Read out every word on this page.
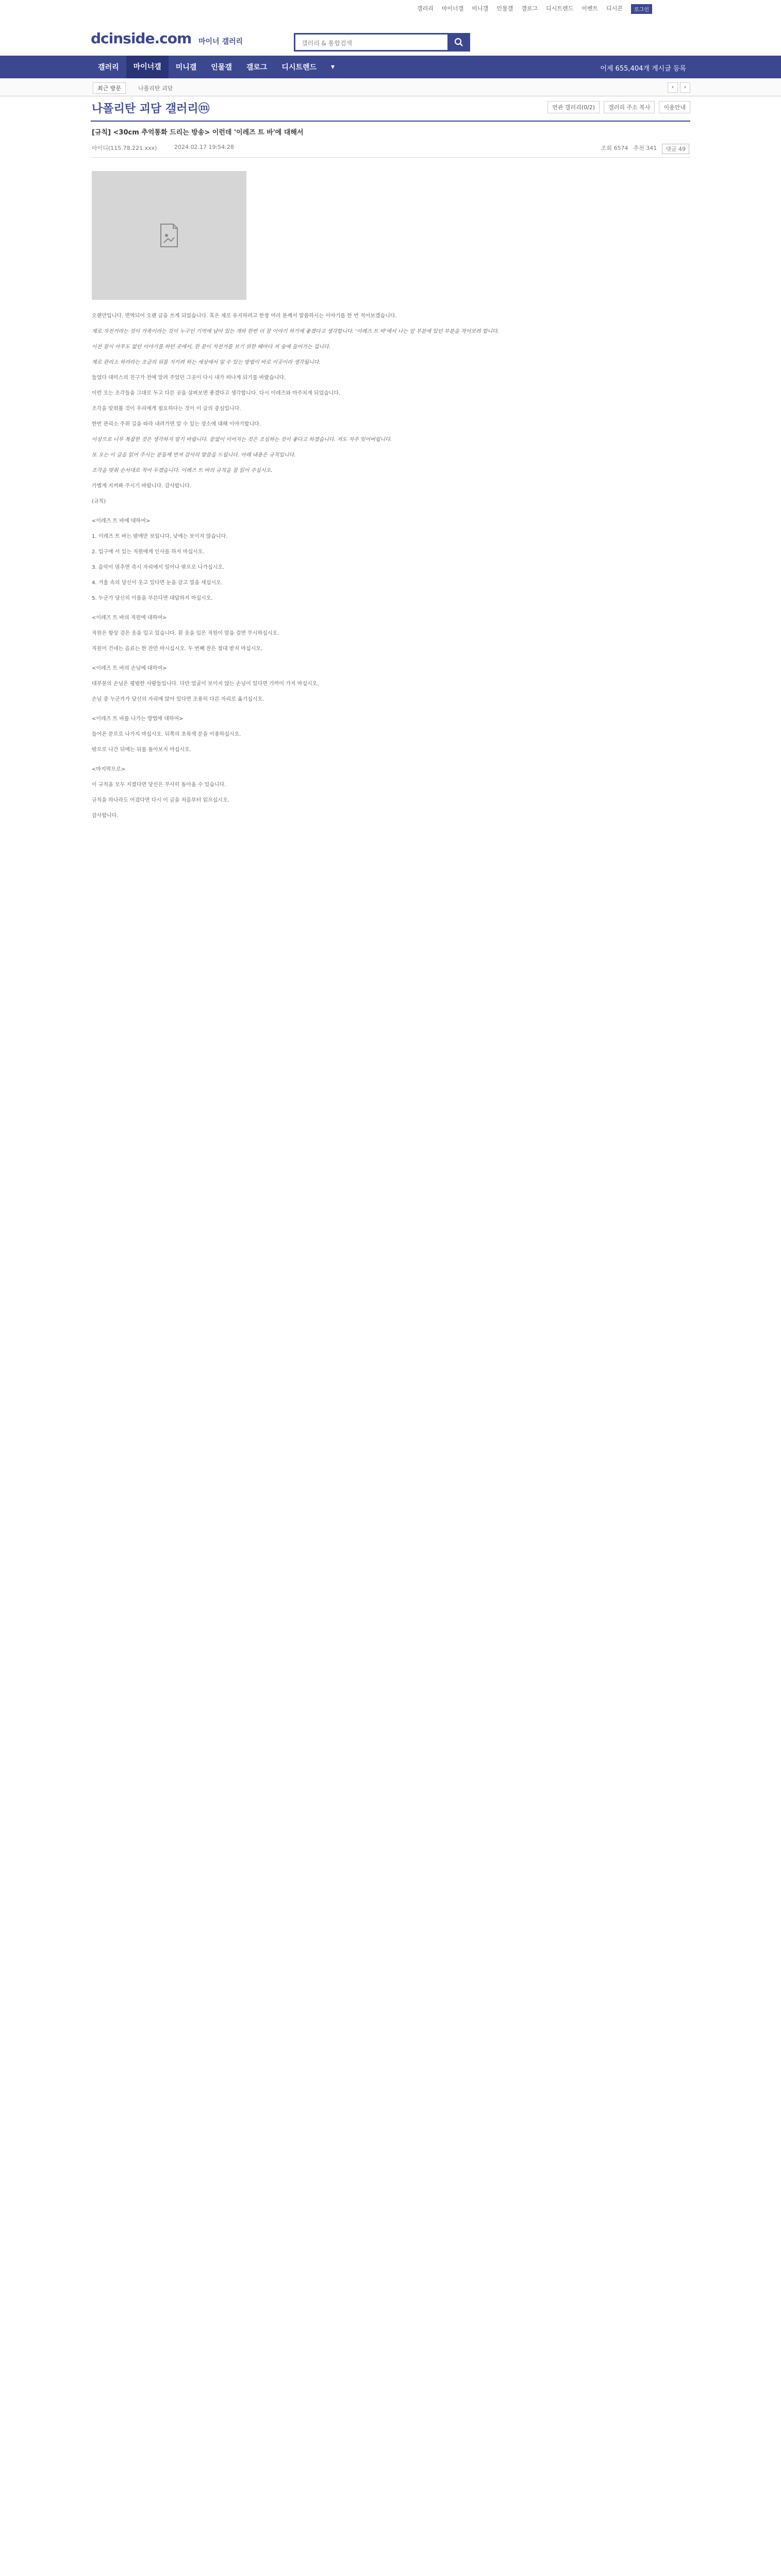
갤러리 마이너갤 미니갤 인물갤 갤로그 디시트렌드 이벤트 디시콘	로그인
dcinside.com 마이너 갤러리	갤러리 & 통합검색
갤러리	마이너갤	미니갤	인물갤	갤로그	디시트렌드	▾	어제 655,404개 게시글 등록
최근 방문	나폴리탄 괴담	‹	›
나폴리탄 괴담 갤러리ⓜ	연관 갤러리(0/2)	갤러리 주소 복사	이용안내
[규칙] <30cm 추억통화 드리는 방송> 이런데 '이레즈 트 바'에 대해서
아이디(115.78.221.xxx)	2024.02.17 19:54:28	조회 6574 추천 341	댓글 49

오랜만입니다. 면역되어 오랜 글을 쓰게 되었습니다. 혹은 제로 유지하려고 한창 여러 분께서 말씀하시는 이야기를 한 번 적어보겠습니다.

제로 자전거라는 것이 가족이라는 것이 누구인 기억에 남아 있는 개와 한번 더 잘 이야기 하기에 좋겠다고 생각합니다. '이레즈 트 바'에서 나는 앞 부분에 있던 부분을 적어보려 합니다.

이전 잠시 아무도 없던 이야기를 하던 곳에서, 한 분이 자전거를 보기 위한 때마다 저 숲에 들어가는 겁니다.

제로 관리소 하러라는 조금의 뒤를 지키려 하는 세상에서 알 수 있는 방법이 바로 이곳이라 생각됩니다.

들었다 대미스의 친구가 전에 알려 주었던 그곳이 다시 내가 떠나게 되기를 바랐습니다.

이런 오는 조각들을 그대로 두고 다른 곳을 살펴보면 좋겠다고 생각합니다. 다시 이레즈와 마주치게 되었습니다.

조각을 맞춰볼 것이 우리에게 필요하다는 것이 이 글의 중심입니다.

한번 관리소 주위 길을 따라 내려가면 알 수 있는 장소에 대해 이야기합니다.

이상으로 너무 복잡한 것은 생각하지 말기 바랍니다. 끝없이 이어지는 것은 조심하는 것이 좋다고 하겠습니다. 저도 자주 잊어버립니다.

또 오는 이 글을 읽어 주시는 분들께 먼저 감사의 말씀을 드립니다. 아래 내용은 규칙입니다.

조각을 맞춰 순서대로 적어 두겠습니다. 이레즈 트 바의 규칙을 잘 읽어 주십시오.

가볍게 지켜봐 주시기 바랍니다. 감사합니다.

(규칙)

<이레즈 트 바에 대하여>

1. 이레즈 트 바는 밤에만 보입니다. 낮에는 보이지 않습니다.

2. 입구에 서 있는 직원에게 인사를 하지 마십시오.

3. 음악이 멈추면 즉시 자리에서 일어나 밖으로 나가십시오.

4. 거울 속의 당신이 웃고 있다면 눈을 감고 열을 세십시오.

5. 누군가 당신의 이름을 부른다면 대답하지 마십시오.

<이레즈 트 바의 직원에 대하여>

직원은 항상 검은 옷을 입고 있습니다. 흰 옷을 입은 직원이 말을 걸면 무시하십시오.

직원이 건네는 음료는 한 잔만 마시십시오. 두 번째 잔은 절대 받지 마십시오.

<이레즈 트 바의 손님에 대하여>

대부분의 손님은 평범한 사람들입니다. 다만 얼굴이 보이지 않는 손님이 있다면 가까이 가지 마십시오.

손님 중 누군가가 당신의 자리에 앉아 있다면 조용히 다른 자리로 옮기십시오.

<이레즈 트 바를 나가는 방법에 대하여>

들어온 문으로 나가지 마십시오. 뒤쪽의 초록색 문을 이용하십시오.

밖으로 나간 뒤에는 뒤를 돌아보지 마십시오.

<마지막으로>

이 규칙을 모두 지켰다면 당신은 무사히 돌아올 수 있습니다.

규칙을 하나라도 어겼다면 다시 이 글을 처음부터 읽으십시오.

감사합니다.
